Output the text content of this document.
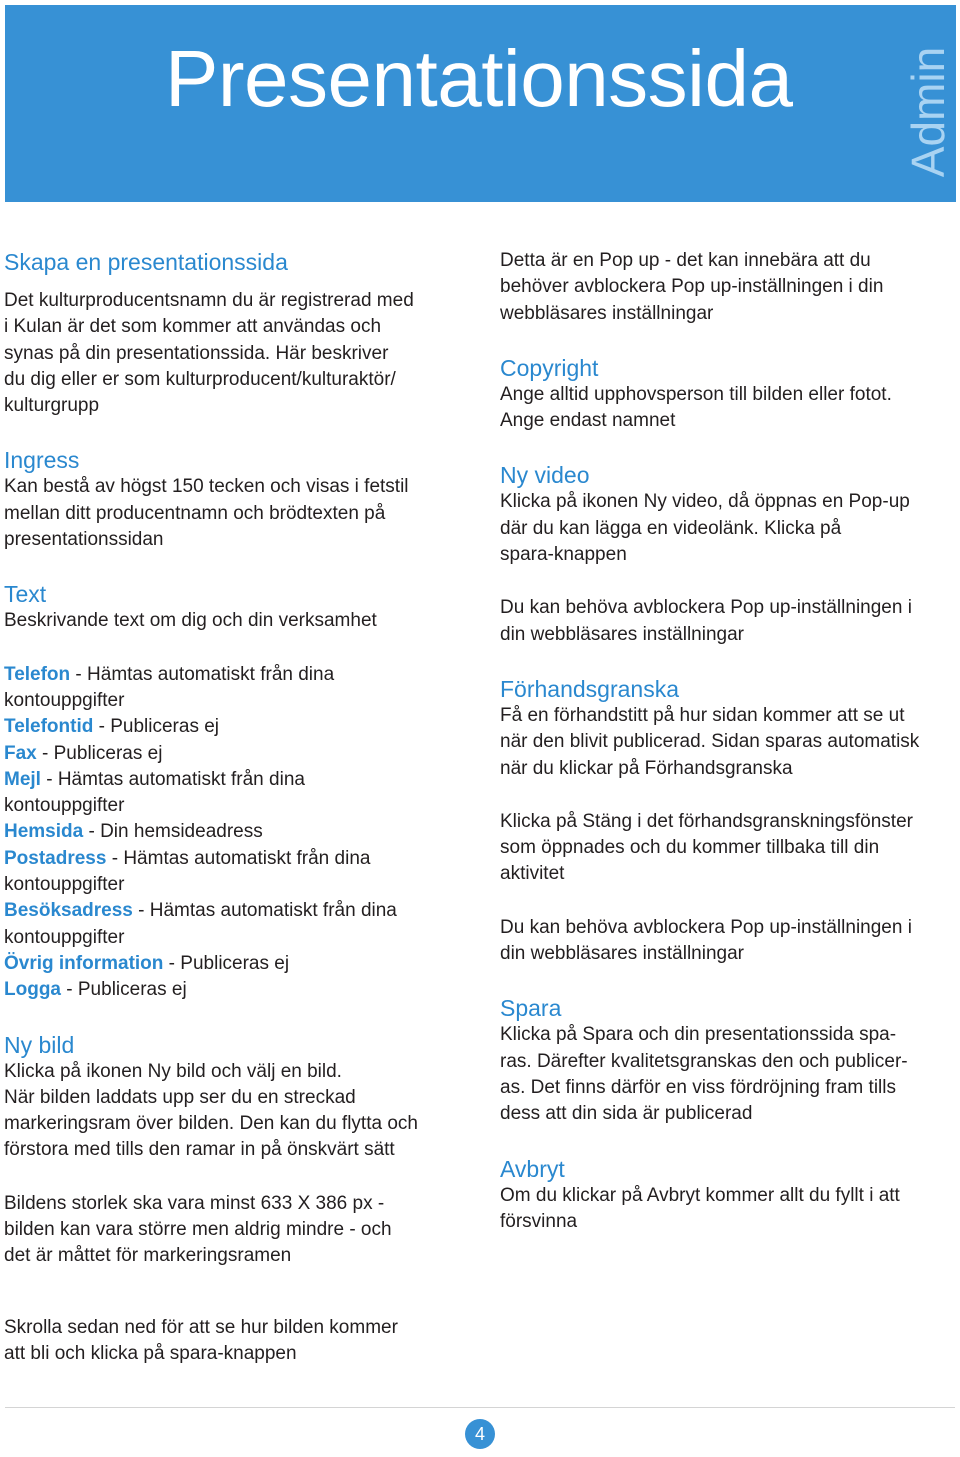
Presentationssida Admin
Skapa en presentationssida

Det kulturproducentsnamn du är registrerad med
i Kulan är det som kommer att användas och
synas på din presentationssida. Här beskriver
du dig eller er som kulturproducent/kulturaktör/
kulturgrupp

Ingress

Kan bestå av högst 150 tecken och visas i fetstil
mellan ditt producentnamn och brödtexten på
presentationssidan

Text

Beskrivande text om dig och din verksamhet

Telefon - Hämtas automatiskt från dina
kontouppgifter

Telefontid - Publiceras ej

Fax - Publiceras ej

Mejl - Hämtas automatiskt från dina
kontouppgifter

Hemsida - Din hemsideadress

Postadress - Hämtas automatiskt från dina
kontouppgifter

Besöksadress - Hämtas automatiskt från dina
kontouppgifter

Övrig information - Publiceras ej

Logga - Publiceras ej

Ny bild

Klicka på ikonen Ny bild och välj en bild.
När bilden laddats upp ser du en streckad
markeringsram över bilden. Den kan du flytta och
förstora med tills den ramar in på önskvärt sätt

Bildens storlek ska vara minst 633 X 386 px -
bilden kan vara större men aldrig mindre - och
det är måttet för markeringsramen

Detta är en Pop up - det kan innebära att du
behöver avblockera Pop up-inställningen i din
webbläsares inställningar

Copyright

Ange alltid upphovsperson till bilden eller fotot.
Ange endast namnet

Ny video

Klicka på ikonen Ny video, då öppnas en Pop-up
där du kan lägga en videolänk. Klicka på
spara-knappen

Du kan behöva avblockera Pop up-inställningen i
din webbläsares inställningar

Förhandsgranska

Få en förhandstitt på hur sidan kommer att se ut
när den blivit publicerad. Sidan sparas automatisk
när du klickar på Förhandsgranska

Klicka på Stäng i det förhandsgranskningsfönster
som öppnades och du kommer tillbaka till din
aktivitet

Du kan behöva avblockera Pop up-inställningen i
din webbläsares inställningar

Spara

Klicka på Spara och din presentationssida spa-
ras. Därefter kvalitetsgranskas den och publicer-
as. Det finns därför en viss fördröjning fram tills
dess att din sida är publicerad

Avbryt

Om du klickar på Avbryt kommer allt du fyllt i att
försvinna

Skrolla sedan ned för att se hur bilden kommer
att bli och klicka på spara-knappen
4
